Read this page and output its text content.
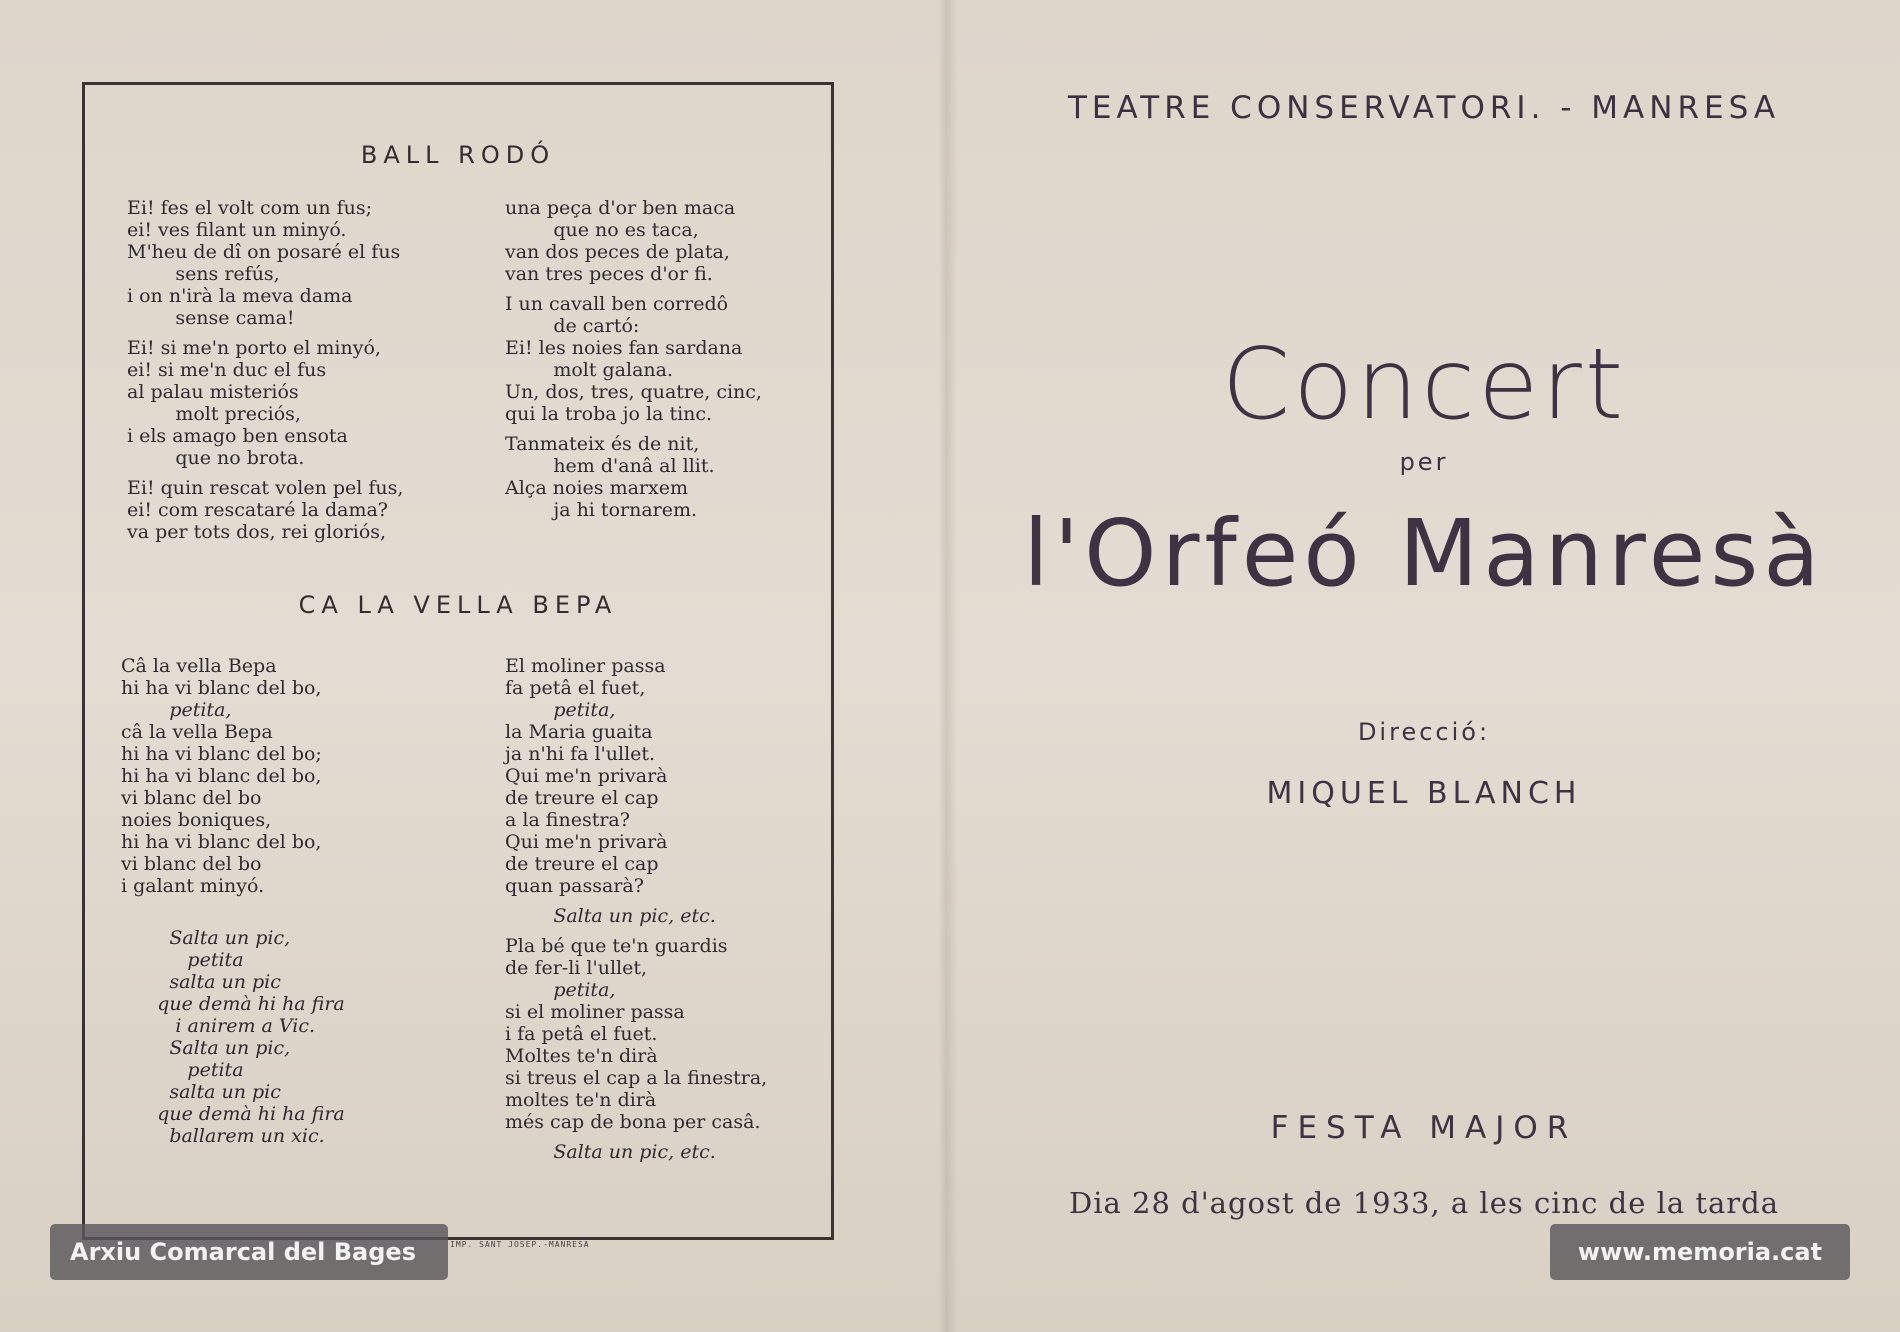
BALL RODÓ
Ei! fes el volt com un fus;
ei! ves filant un minyó.
M'heu de dî on posaré el fus
sens refús,
i on n'irà la meva dama
sense cama!
Ei! si me'n porto el minyó,
ei! si me'n duc el fus
al palau misteriós
molt preciós,
i els amago ben ensota
que no brota.
Ei! quin rescat volen pel fus,
ei! com rescataré la dama?
va per tots dos, rei gloriós,
una peça d'or ben maca
que no es taca,
van dos peces de plata,
van tres peces d'or fi.
I un cavall ben corredô
de cartó:
Ei! les noies fan sardana
molt galana.
Un, dos, tres, quatre, cinc,
qui la troba jo la tinc.
Tanmateix és de nit,
hem d'anâ al llit.
Alça noies marxem
ja hi tornarem.
CA LA VELLA BEPA
Câ la vella Bepa
hi ha vi blanc del bo,
petita,
câ la vella Bepa
hi ha vi blanc del bo;
hi ha vi blanc del bo,
vi blanc del bo
noies boniques,
hi ha vi blanc del bo,
vi blanc del bo
i galant minyó.

Salta un pic,
petita
salta un pic
que demà hi ha fira
i anirem a Vic.
Salta un pic,
petita
salta un pic
que demà hi ha fira
ballarem un xic.
El moliner passa
fa petâ el fuet,
petita,
la Maria guaita
ja n'hi fa l'ullet.
Qui me'n privarà
de treure el cap
a la finestra?
Qui me'n privarà
de treure el cap
quan passarà?
Salta un pic, etc.
Pla bé que te'n guardis
de fer-li l'ullet,
petita,
si el moliner passa
i fa petâ el fuet.
Moltes te'n dirà
si treus el cap a la finestra,
moltes te'n dirà
més cap de bona per casâ.
Salta un pic, etc.
IMP. SANT JOSEP.-MANRESA
TEATRE CONSERVATORI. - MANRESA
Concert
per
l'Orfeó Manresà
Direcció:
MIQUEL BLANCH
FESTA MAJOR
Dia 28 d'agost de 1933, a les cinc de la tarda
Arxiu Comarcal del Bages	www.memoria.cat
